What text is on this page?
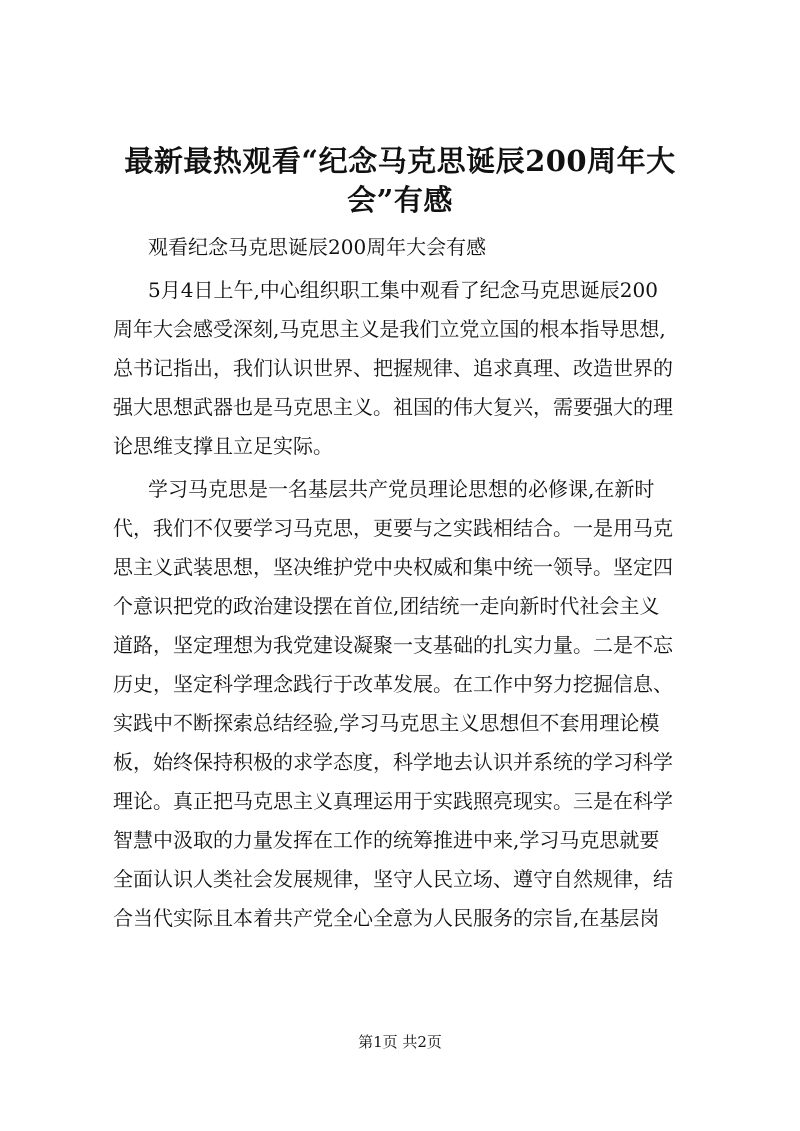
最新最热观看“纪念马克思诞辰200周年大
会”有感
观看纪念马克思诞辰200周年大会有感
5月4日上午,中心组织职工集中观看了纪念马克思诞辰200
周年大会感受深刻,马克思主义是我们立党立国的根本指导思想,
总书记指出，我们认识世界、把握规律、追求真理、改造世界的
强大思想武器也是马克思主义。祖国的伟大复兴，需要强大的理
论思维支撑且立足实际。
学习马克思是一名基层共产党员理论思想的必修课,在新时
代，我们不仅要学习马克思，更要与之实践相结合。一是用马克
思主义武装思想，坚决维护党中央权威和集中统一领导。坚定四
个意识把党的政治建设摆在首位,团结统一走向新时代社会主义
道路，坚定理想为我党建设凝聚一支基础的扎实力量。二是不忘
历史，坚定科学理念践行于改革发展。在工作中努力挖掘信息、
实践中不断探索总结经验,学习马克思主义思想但不套用理论模
板，始终保持积极的求学态度，科学地去认识并系统的学习科学
理论。真正把马克思主义真理运用于实践照亮现实。三是在科学
智慧中汲取的力量发挥在工作的统筹推进中来,学习马克思就要
全面认识人类社会发展规律，坚守人民立场、遵守自然规律，结
合当代实际且本着共产党全心全意为人民服务的宗旨,在基层岗
第1页 共2页
